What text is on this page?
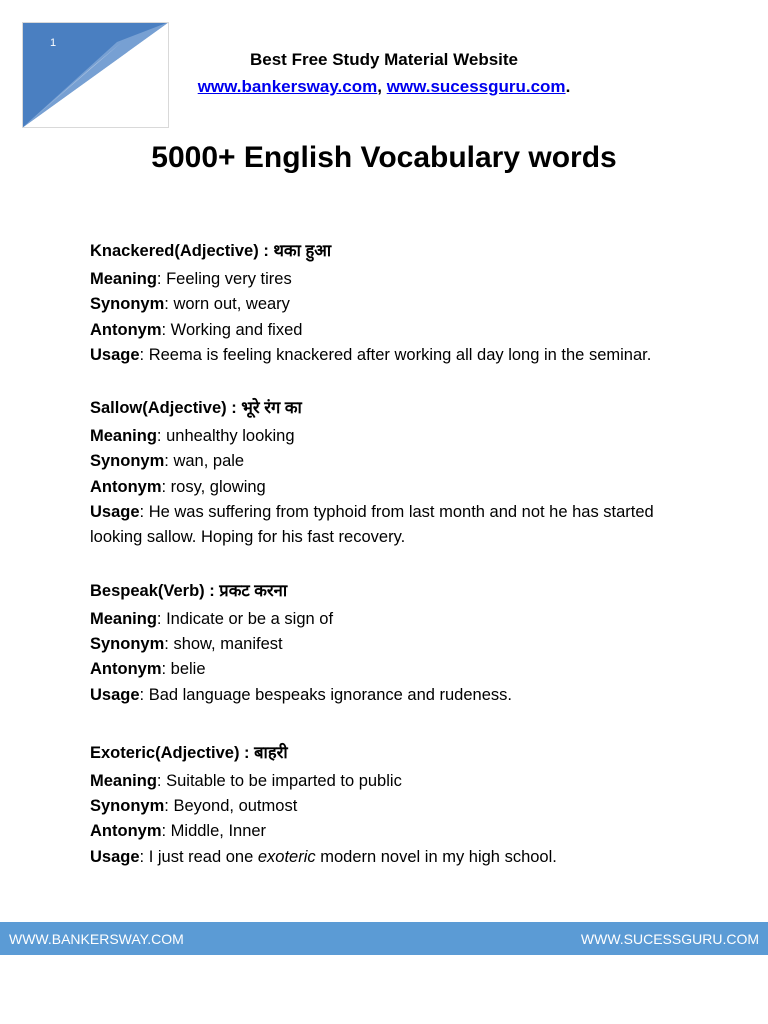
1
Best Free Study Material Website
www.bankersway.com, www.sucessguru.com.
5000+ English Vocabulary words
Knackered(Adjective) : थका हुआ
Meaning: Feeling very tires
Synonym: worn out, weary
Antonym: Working and fixed
Usage: Reema is feeling knackered after working all day long in the seminar.
Sallow(Adjective) : भूरे रंग का
Meaning: unhealthy looking
Synonym: wan, pale
Antonym: rosy, glowing
Usage: He was suffering from typhoid from last month and not he has started looking sallow. Hoping for his fast recovery.
Bespeak(Verb) : प्रकट करना
Meaning: Indicate or be a sign of
Synonym: show, manifest
Antonym: belie
Usage: Bad language bespeaks ignorance and rudeness.
Exoteric(Adjective) : बाहरी
Meaning: Suitable to be imparted to public
Synonym: Beyond, outmost
Antonym: Middle, Inner
Usage: I just read one exoteric modern novel in my high school.
WWW.BANKERSWAY.COM	WWW.SUCESSGURU.COM
